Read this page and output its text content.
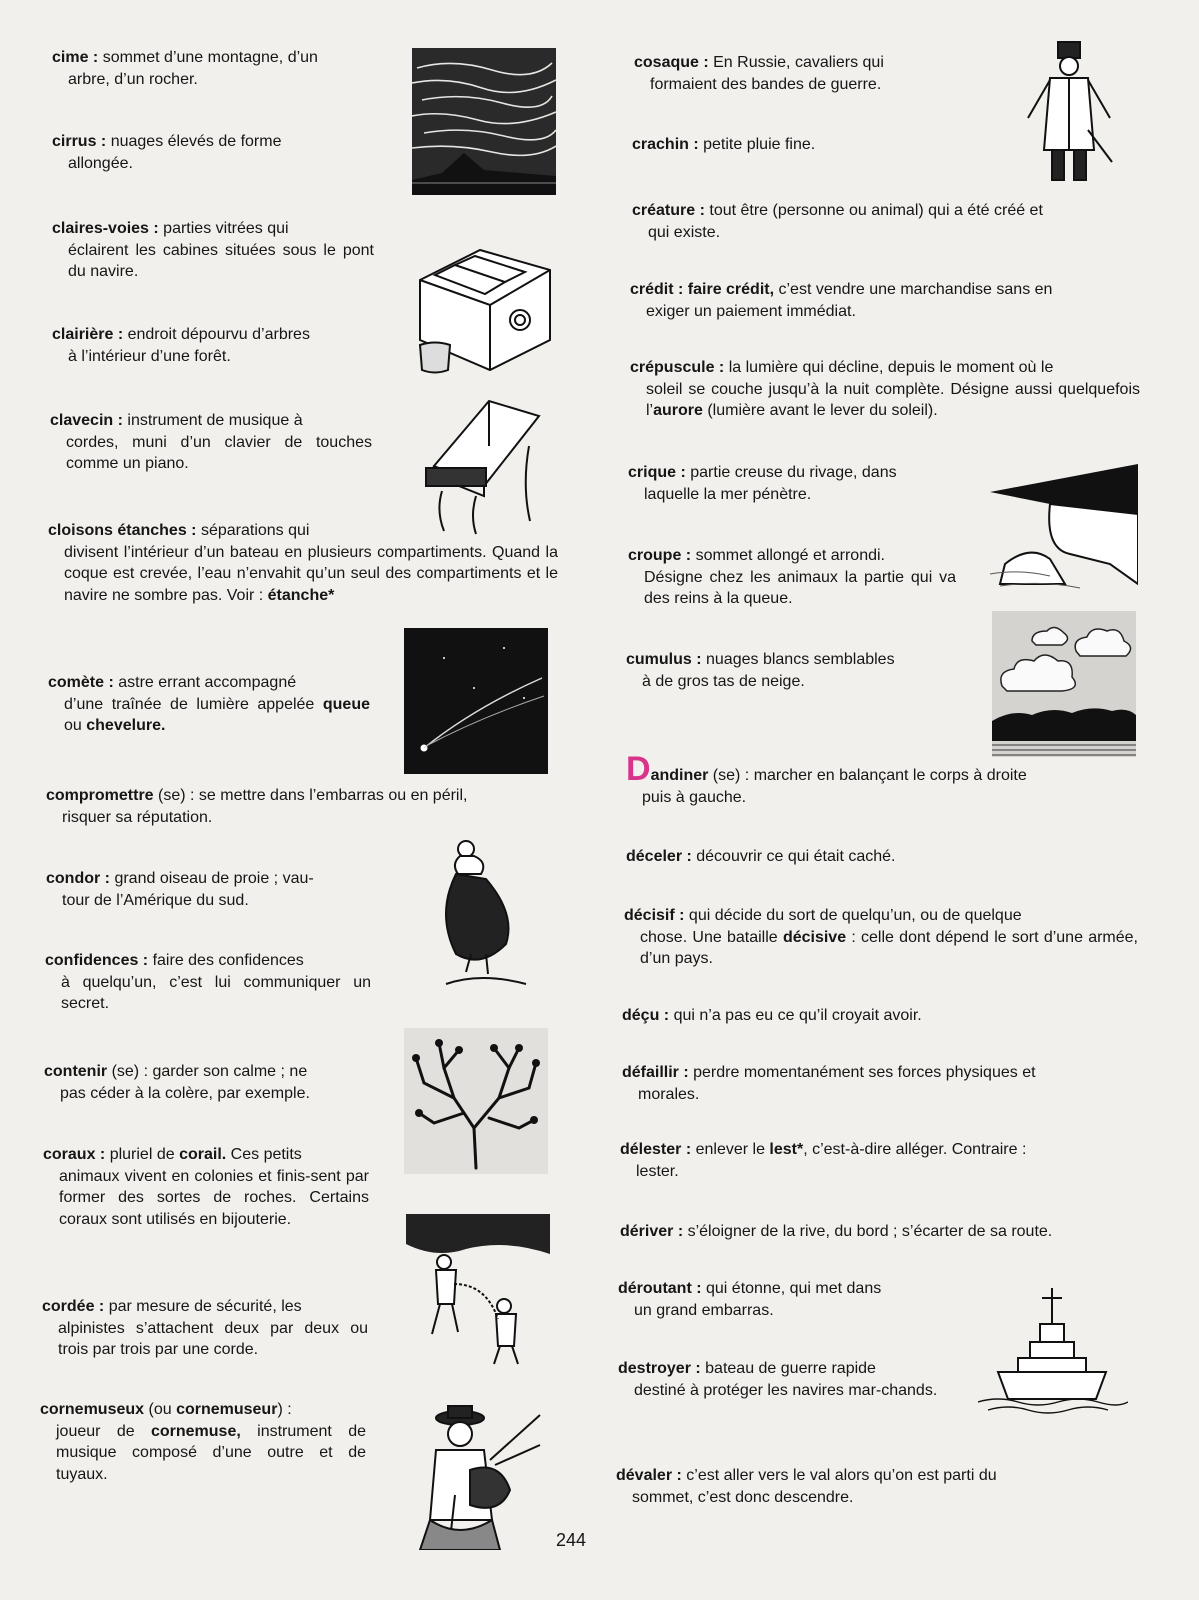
cime : sommet d’une montagne, d’un
arbre, d’un rocher.
cirrus : nuages élevés de forme
allongée.
claires-voies : parties vitrées qui
éclairent les cabines situées sous le pont du navire.
clairière : endroit dépourvu d’arbres
à l’intérieur d’une forêt.
clavecin : instrument de musique à
cordes, muni d’un clavier de touches comme un piano.
cloisons étanches : séparations qui
divisent l’intérieur d’un bateau en plusieurs compartiments. Quand la coque est crevée, l’eau n’envahit qu’un seul des compartiments et le navire ne sombre pas. Voir : étanche*
comète : astre errant accompagné
d’une traînée de lumière appelée queue ou chevelure.
compromettre (se) : se mettre dans l’embarras ou en péril,
risquer sa réputation.
condor : grand oiseau de proie ; vau-
tour de l’Amérique du sud.
confidences : faire des confidences
à quelqu’un, c’est lui communiquer un secret.
contenir (se) : garder son calme ; ne
pas céder à la colère, par exemple.
coraux : pluriel de corail. Ces petits
animaux vivent en colonies et finis-sent par former des sortes de roches. Certains coraux sont utilisés en bijouterie.
cordée : par mesure de sécurité, les
alpinistes s’attachent deux par deux ou trois par trois par une corde.
cornemuseux (ou cornemuseur) :
joueur de cornemuse, instrument de musique composé d’une outre et de tuyaux.
cosaque : En Russie, cavaliers qui
formaient des bandes de guerre.
crachin : petite pluie fine.
créature : tout être (personne ou animal) qui a été créé et
qui existe.
crédit : faire crédit, c’est vendre une marchandise sans en
exiger un paiement immédiat.
crépuscule : la lumière qui décline, depuis le moment où le
soleil se couche jusqu’à la nuit complète. Désigne aussi quelquefois l’aurore (lumière avant le lever du soleil).
crique : partie creuse du rivage, dans
laquelle la mer pénètre.
croupe : sommet allongé et arrondi.
Désigne chez les animaux la partie qui va des reins à la queue.
cumulus : nuages blancs semblables
à de gros tas de neige.
Dandiner (se) : marcher en balançant le corps à droite
puis à gauche.
déceler : découvrir ce qui était caché.
décisif : qui décide du sort de quelqu’un, ou de quelque
chose. Une bataille décisive : celle dont dépend le sort d’une armée, d’un pays.
déçu : qui n’a pas eu ce qu’il croyait avoir.
défaillir : perdre momentanément ses forces physiques et
morales.
délester : enlever le lest*, c’est-à-dire alléger. Contraire :
lester.
dériver : s’éloigner de la rive, du bord ; s’écarter de sa route.
déroutant : qui étonne, qui met dans
un grand embarras.
destroyer : bateau de guerre rapide
destiné à protéger les navires mar-chands.
dévaler : c’est aller vers le val alors qu’on est parti du
sommet, c’est donc descendre.
244
